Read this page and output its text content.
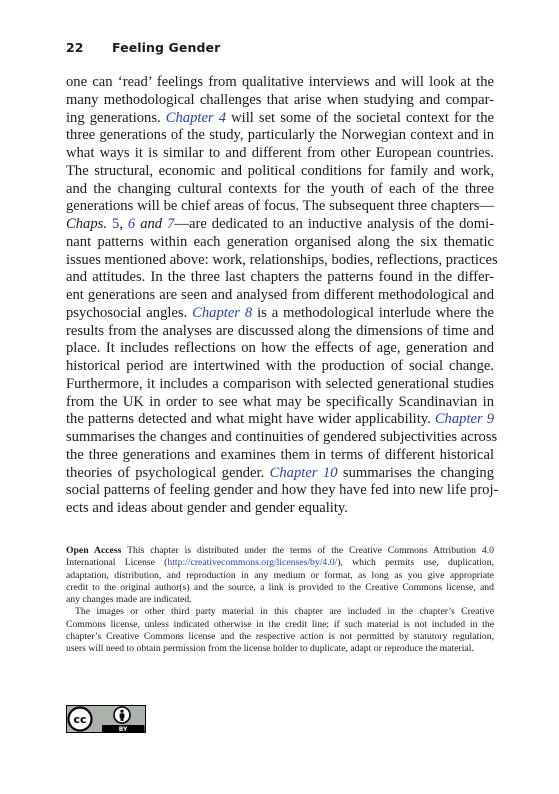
22 Feeling Gender
one can ‘read’ feelings from qualitative interviews and will look at the
many methodological challenges that arise when studying and compar-
ing generations. Chapter 4 will set some of the societal context for the
three generations of the study, particularly the Norwegian context and in
what ways it is similar to and different from other European countries.
The structural, economic and political conditions for family and work,
and the changing cultural contexts for the youth of each of the three
generations will be chief areas of focus. The subsequent three chapters—
Chaps. 5, 6 and 7—are dedicated to an inductive analysis of the domi-
nant patterns within each generation organised along the six thematic
issues mentioned above: work, relationships, bodies, reflections, practices
and attitudes. In the three last chapters the patterns found in the differ-
ent generations are seen and analysed from different methodological and
psychosocial angles. Chapter 8 is a methodological interlude where the
results from the analyses are discussed along the dimensions of time and
place. It includes reflections on how the effects of age, generation and
historical period are intertwined with the production of social change.
Furthermore, it includes a comparison with selected generational studies
from the UK in order to see what may be specifically Scandinavian in
the patterns detected and what might have wider applicability. Chapter 9
summarises the changes and continuities of gendered subjectivities across
the three generations and examines them in terms of different historical
theories of psychological gender. Chapter 10 summarises the changing
social patterns of feeling gender and how they have fed into new life proj-
ects and ideas about gender and gender equality.
Open Access This chapter is distributed under the terms of the Creative Commons Attribution 4.0
International License (http://creativecommons.org/licenses/by/4.0/), which permits use, duplication,
adaptation, distribution, and reproduction in any medium or format, as long as you give appropriate
credit to the original author(s) and the source, a link is provided to the Creative Commons license, and
any changes made are indicated.
The images or other third party material in this chapter are included in the chapter’s Creative
Commons license, unless indicated otherwise in the credit line; if such material is not included in the
chapter’s Creative Commons license and the respective action is not permitted by statutory regulation,
users will need to obtain permission from the license holder to duplicate, adapt or reproduce the material.
cc
BY
